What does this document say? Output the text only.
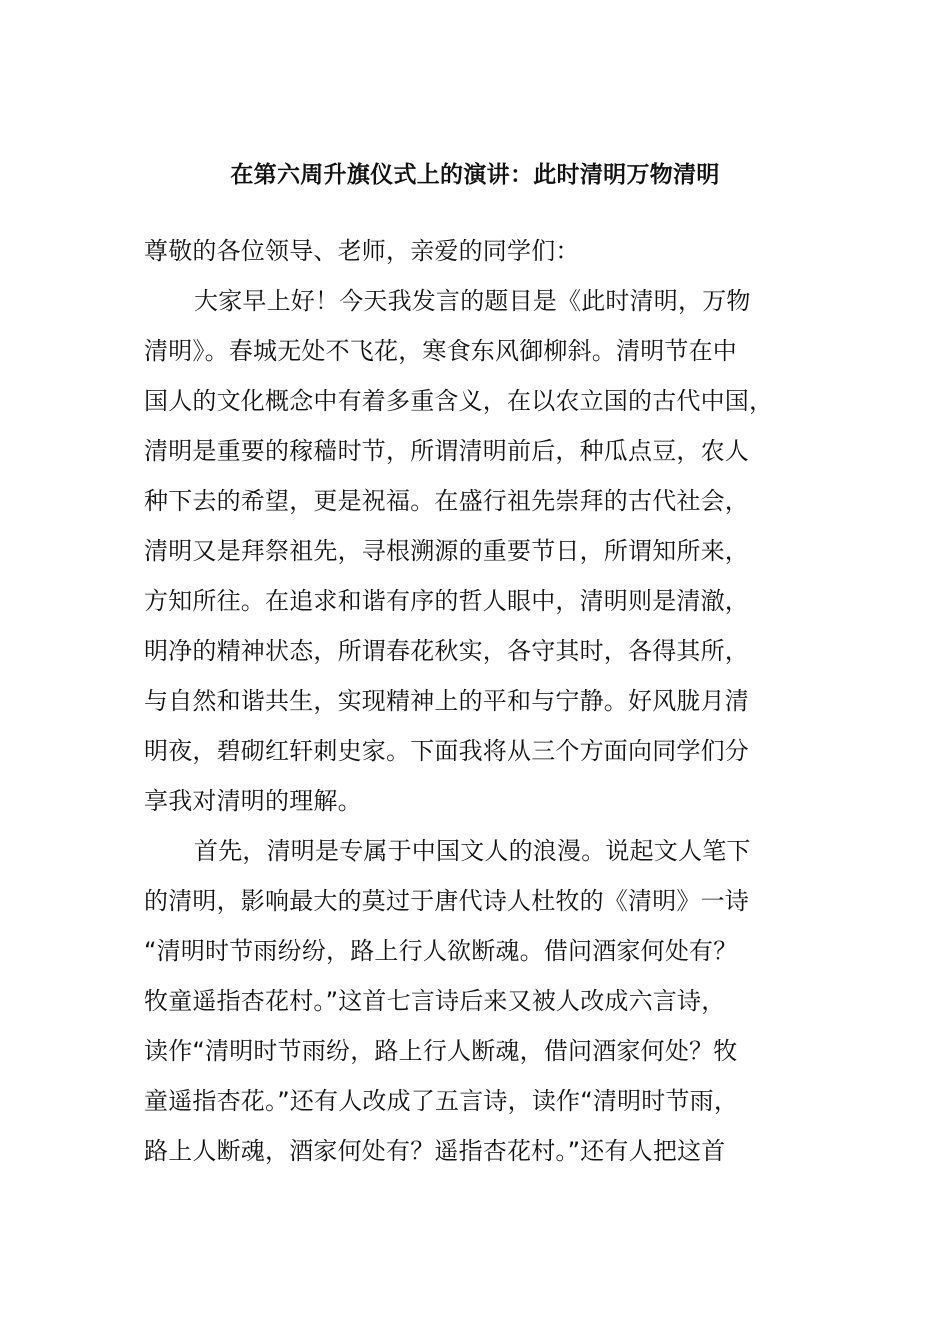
在第六周升旗仪式上的演讲：此时清明万物清明
尊敬的各位领导、老师，亲爱的同学们：
大家早上好！今天我发言的题目是《此时清明，万物
清明》。春城无处不飞花，寒食东风御柳斜。清明节在中
国人的文化概念中有着多重含义，在以农立国的古代中国，
清明是重要的稼穑时节，所谓清明前后，种瓜点豆，农人
种下去的希望，更是祝福。在盛行祖先崇拜的古代社会，
清明又是拜祭祖先，寻根溯源的重要节日，所谓知所来，
方知所往。在追求和谐有序的哲人眼中，清明则是清澈，
明净的精神状态，所谓春花秋实，各守其时，各得其所，
与自然和谐共生，实现精神上的平和与宁静。好风胧月清
明夜，碧砌红轩刺史家。下面我将从三个方面向同学们分
享我对清明的理解。
首先，清明是专属于中国文人的浪漫。说起文人笔下
的清明，影响最大的莫过于唐代诗人杜牧的《清明》一诗
“清明时节雨纷纷，路上行人欲断魂。借问酒家何处有？
牧童遥指杏花村。”这首七言诗后来又被人改成六言诗，
读作“清明时节雨纷，路上行人断魂，借问酒家何处？牧
童遥指杏花。”还有人改成了五言诗，读作“清明时节雨，
路上人断魂，酒家何处有？遥指杏花村。”还有人把这首
